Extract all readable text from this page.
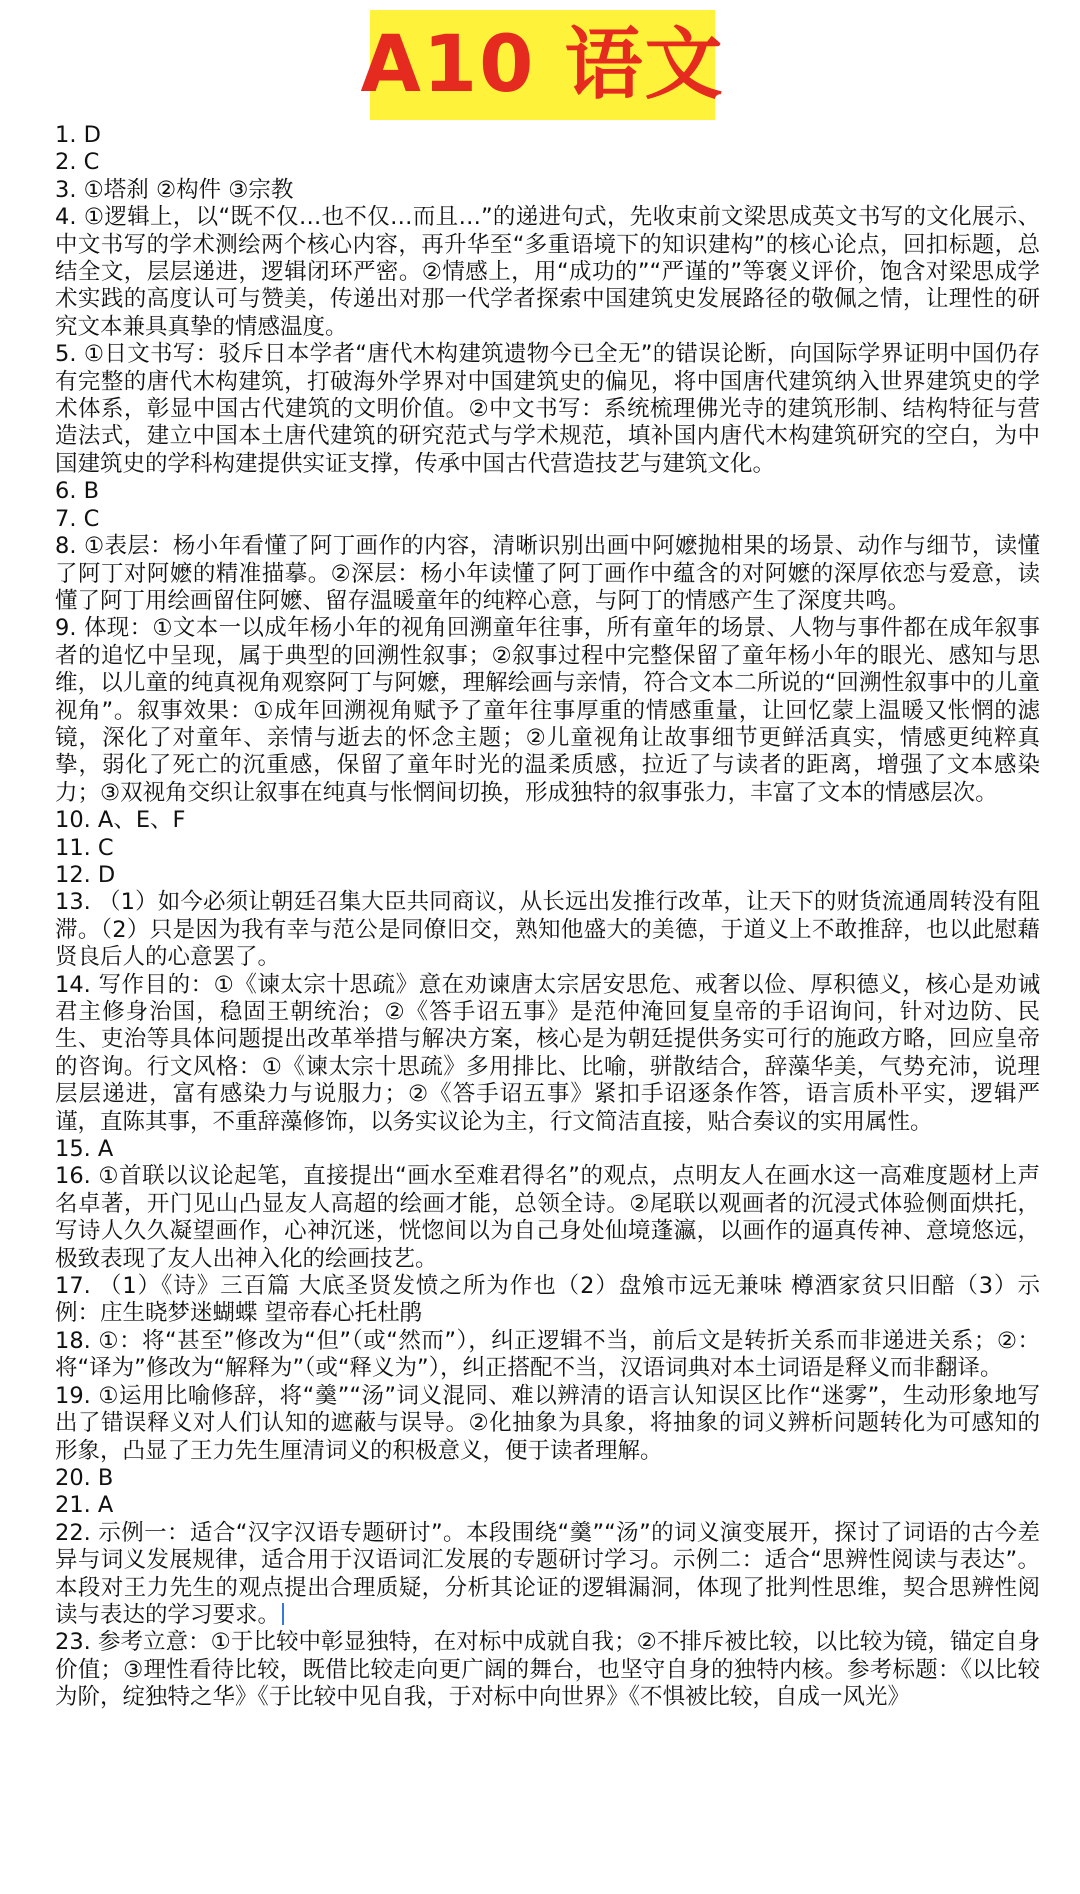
A10 语文

1. D

2. C

3. ①塔刹 ②构件 ③宗教

4. ①逻辑上，以“既不仅…也不仅…而且…”的递进句式，先收束前文梁思成英文书写的文化展示、中文书写的学术测绘两个核心内容，再升华至“多重语境下的知识建构”的核心论点，回扣标题，总结全文，层层递进，逻辑闭环严密。②情感上，用“成功的”“严谨的”等褒义评价，饱含对梁思成学术实践的高度认可与赞美，传递出对那一代学者探索中国建筑史发展路径的敬佩之情，让理性的研究文本兼具真挚的情感温度。

5. ①日文书写：驳斥日本学者“唐代木构建筑遗物今已全无”的错误论断，向国际学界证明中国仍存有完整的唐代木构建筑，打破海外学界对中国建筑史的偏见，将中国唐代建筑纳入世界建筑史的学术体系，彰显中国古代建筑的文明价值。②中文书写：系统梳理佛光寺的建筑形制、结构特征与营造法式，建立中国本土唐代建筑的研究范式与学术规范，填补国内唐代木构建筑研究的空白，为中国建筑史的学科构建提供实证支撑，传承中国古代营造技艺与建筑文化。

6. B

7. C

8. ①表层：杨小年看懂了阿丁画作的内容，清晰识别出画中阿嬷抛柑果的场景、动作与细节，读懂了阿丁对阿嬷的精准描摹。②深层：杨小年读懂了阿丁画作中蕴含的对阿嬷的深厚依恋与爱意，读懂了阿丁用绘画留住阿嬷、留存温暖童年的纯粹心意，与阿丁的情感产生了深度共鸣。

9. 体现：①文本一以成年杨小年的视角回溯童年往事，所有童年的场景、人物与事件都在成年叙事者的追忆中呈现，属于典型的回溯性叙事；②叙事过程中完整保留了童年杨小年的眼光、感知与思维，以儿童的纯真视角观察阿丁与阿嬷，理解绘画与亲情，符合文本二所说的“回溯性叙事中的儿童视角”。叙事效果：①成年回溯视角赋予了童年往事厚重的情感重量，让回忆蒙上温暖又怅惘的滤镜，深化了对童年、亲情与逝去的怀念主题；②儿童视角让故事细节更鲜活真实，情感更纯粹真挚，弱化了死亡的沉重感，保留了童年时光的温柔质感，拉近了与读者的距离，增强了文本感染力；③双视角交织让叙事在纯真与怅惘间切换，形成独特的叙事张力，丰富了文本的情感层次。

10. A、E、F

11. C

12. D

13. （1）如今必须让朝廷召集大臣共同商议，从长远出发推行改革，让天下的财货流通周转没有阻滞。（2）只是因为我有幸与范公是同僚旧交，熟知他盛大的美德，于道义上不敢推辞，也以此慰藉贤良后人的心意罢了。

14. 写作目的：①《谏太宗十思疏》意在劝谏唐太宗居安思危、戒奢以俭、厚积德义，核心是劝诫君主修身治国，稳固王朝统治；②《答手诏五事》是范仲淹回复皇帝的手诏询问，针对边防、民生、吏治等具体问题提出改革举措与解决方案，核心是为朝廷提供务实可行的施政方略，回应皇帝的咨询。行文风格：①《谏太宗十思疏》多用排比、比喻，骈散结合，辞藻华美，气势充沛，说理层层递进，富有感染力与说服力；②《答手诏五事》紧扣手诏逐条作答，语言质朴平实，逻辑严谨，直陈其事，不重辞藻修饰，以务实议论为主，行文简洁直接，贴合奏议的实用属性。

15. A

16. ①首联以议论起笔，直接提出“画水至难君得名”的观点，点明友人在画水这一高难度题材上声名卓著，开门见山凸显友人高超的绘画才能，总领全诗。②尾联以观画者的沉浸式体验侧面烘托，写诗人久久凝望画作，心神沉迷，恍惚间以为自己身处仙境蓬瀛，以画作的逼真传神、意境悠远，极致表现了友人出神入化的绘画技艺。

17. （1）《诗》三百篇 大底圣贤发愤之所为作也（2）盘飧市远无兼味 樽酒家贫只旧醅（3）示例：庄生晓梦迷蝴蝶 望帝春心托杜鹃

18. ①：将“甚至”修改为“但”（或“然而”），纠正逻辑不当，前后文是转折关系而非递进关系；②：将“译为”修改为“解释为”（或“释义为”），纠正搭配不当，汉语词典对本土词语是释义而非翻译。

19. ①运用比喻修辞，将“羹”“汤”词义混同、难以辨清的语言认知误区比作“迷雾”，生动形象地写出了错误释义对人们认知的遮蔽与误导。②化抽象为具象，将抽象的词义辨析问题转化为可感知的形象，凸显了王力先生厘清词义的积极意义，便于读者理解。

20. B

21. A

22. 示例一：适合“汉字汉语专题研讨”。本段围绕“羹”“汤”的词义演变展开，探讨了词语的古今差异与词义发展规律，适合用于汉语词汇发展的专题研讨学习。示例二：适合“思辨性阅读与表达”。本段对王力先生的观点提出合理质疑，分析其论证的逻辑漏洞，体现了批判性思维，契合思辨性阅读与表达的学习要求。

23. 参考立意：①于比较中彰显独特，在对标中成就自我；②不排斥被比较，以比较为镜，锚定自身价值；③理性看待比较，既借比较走向更广阔的舞台，也坚守自身的独特内核。参考标题：《以比较为阶，绽独特之华》《于比较中见自我，于对标中向世界》《不惧被比较，自成一风光》
